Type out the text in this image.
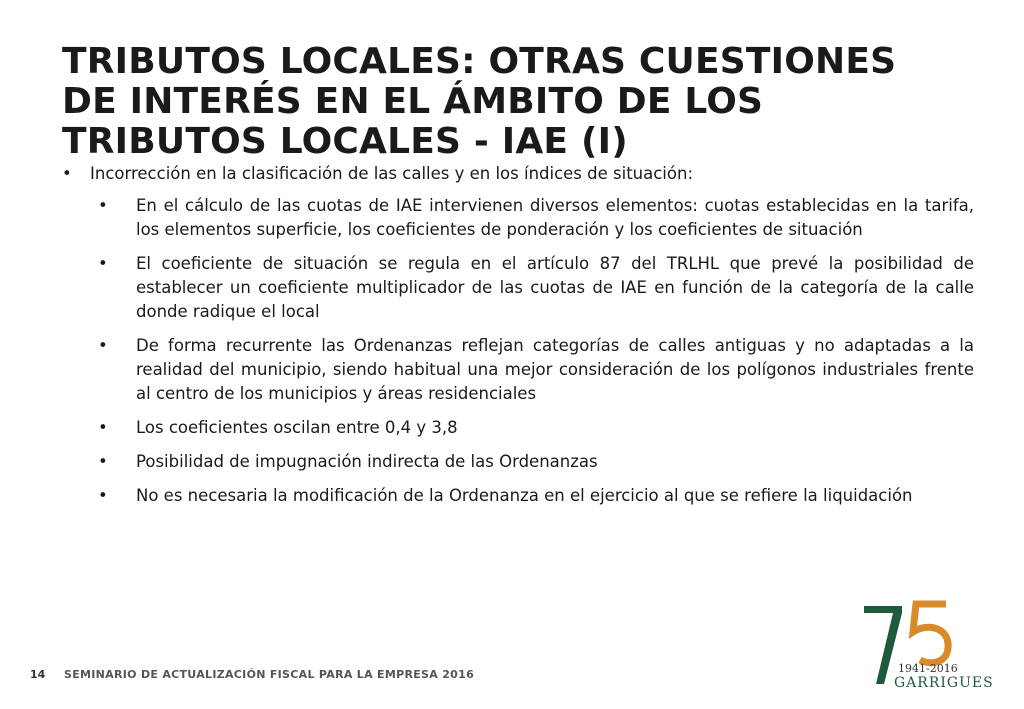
TRIBUTOS LOCALES: OTRAS CUESTIONES DE INTERÉS EN EL ÁMBITO DE LOS TRIBUTOS LOCALES - IAE (I)
• Incorrección en la clasificación de las calles y en los índices de situación:
• En el cálculo de las cuotas de IAE intervienen diversos elementos: cuotas establecidas en la tarifa, los elementos superficie, los coeficientes de ponderación y los coeficientes de situación
• El coeficiente de situación se regula en el artículo 87 del TRLHL que prevé la posibilidad de establecer un coeficiente multiplicador de las cuotas de IAE en función de la categoría de la calle donde radique el local
• De forma recurrente las Ordenanzas reflejan categorías de calles antiguas y no adaptadas a la realidad del municipio, siendo habitual una mejor consideración de los polígonos industriales frente al centro de los municipios y áreas residenciales
• Los coeficientes oscilan entre 0,4 y 3,8
• Posibilidad de impugnación indirecta de las Ordenanzas
• No es necesaria la modificación de la Ordenanza en el ejercicio al que se refiere la liquidación
14 SEMINARIO DE ACTUALIZACIÓN FISCAL PARA LA EMPRESA 2016	1941-2016
GARRIGUES
